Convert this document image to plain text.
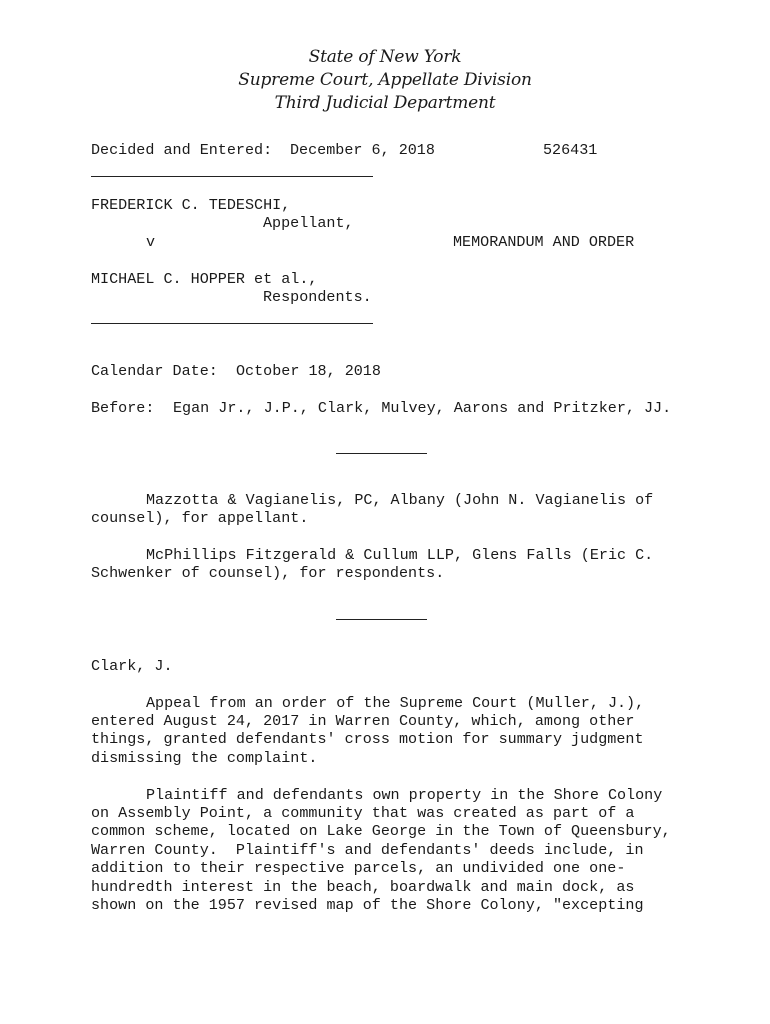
State of New York
Supreme Court, Appellate Division
Third Judicial Department
Decided and Entered: December 6, 2018	526431
FREDERICK C. TEDESCHI,
Appellant,
v	MEMORANDUM AND ORDER
MICHAEL C. HOPPER et al.,
Respondents.
Calendar Date: October 18, 2018
Before: Egan Jr., J.P., Clark, Mulvey, Aarons and Pritzker, JJ.
Mazzotta & Vagianelis, PC, Albany (John N. Vagianelis of
counsel), for appellant.
McPhillips Fitzgerald & Cullum LLP, Glens Falls (Eric C.
Schwenker of counsel), for respondents.
Clark, J.
Appeal from an order of the Supreme Court (Muller, J.),
entered August 24, 2017 in Warren County, which, among other
things, granted defendants' cross motion for summary judgment
dismissing the complaint.
Plaintiff and defendants own property in the Shore Colony
on Assembly Point, a community that was created as part of a
common scheme, located on Lake George in the Town of Queensbury,
Warren County.  Plaintiff's and defendants' deeds include, in
addition to their respective parcels, an undivided one one-
hundredth interest in the beach, boardwalk and main dock, as
shown on the 1957 revised map of the Shore Colony, "excepting
